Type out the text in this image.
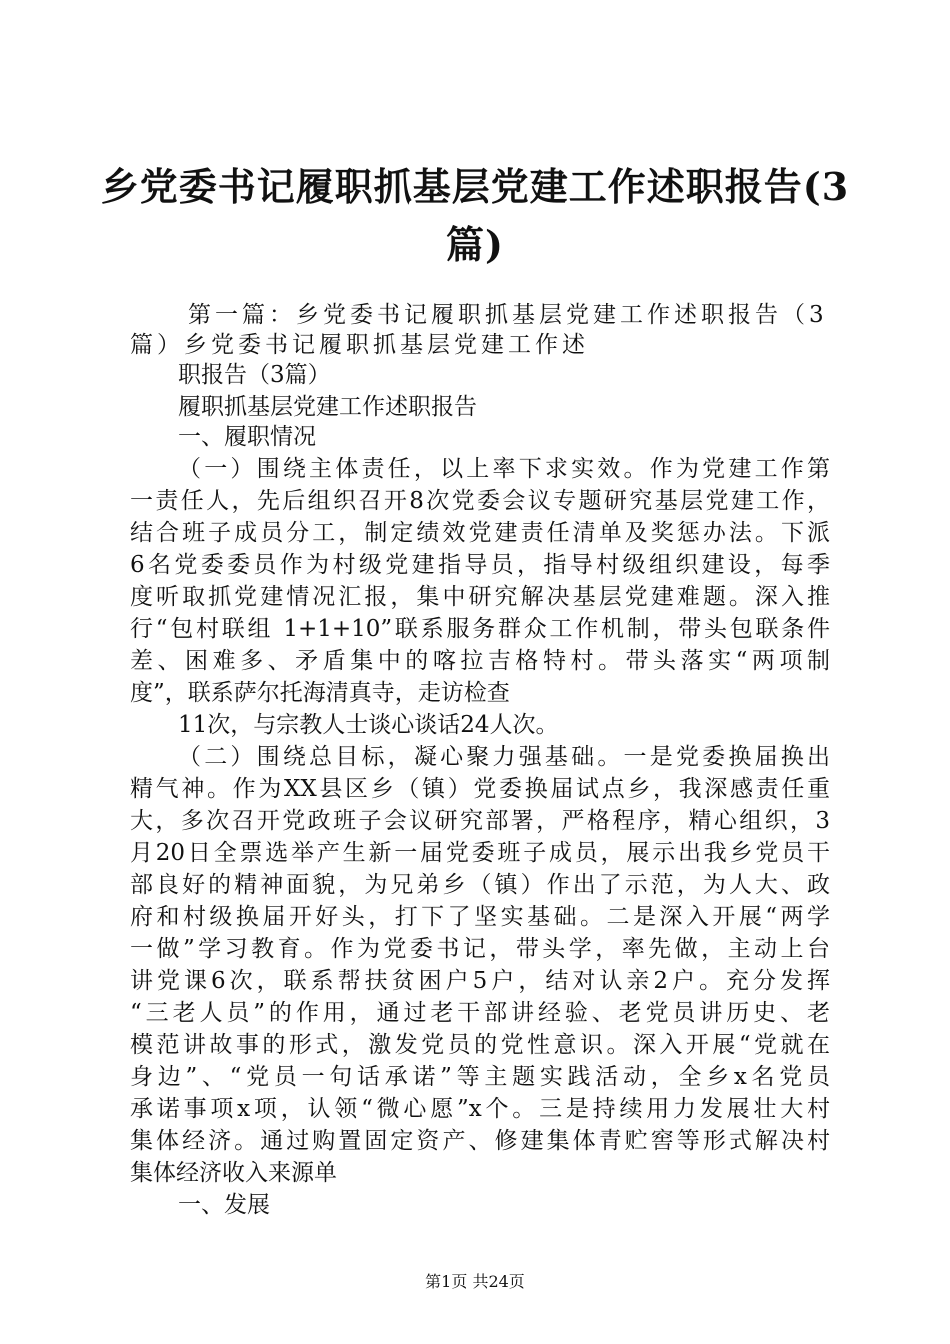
乡党委书记履职抓基层党建工作述职报告(3
篇)
第一篇：乡党委书记履职抓基层党建工作述职报告（3
篇）乡党委书记履职抓基层党建工作述
职报告（3篇）
履职抓基层党建工作述职报告
一、履职情况
（一）围绕主体责任，以上率下求实效。作为党建工作第
一责任人，先后组织召开8次党委会议专题研究基层党建工作，
结合班子成员分工，制定绩效党建责任清单及奖惩办法。下派
6名党委委员作为村级党建指导员，指导村级组织建设，每季
度听取抓党建情况汇报，集中研究解决基层党建难题。深入推
行“包村联组 1+1+10”联系服务群众工作机制，带头包联条件
差、困难多、矛盾集中的喀拉吉格特村。带头落实“两项制
度”，联系萨尔托海清真寺，走访检查
11次，与宗教人士谈心谈话24人次。
（二）围绕总目标，凝心聚力强基础。一是党委换届换出
精气神。作为XX县区乡（镇）党委换届试点乡，我深感责任重
大，多次召开党政班子会议研究部署，严格程序，精心组织，3
月20日全票选举产生新一届党委班子成员，展示出我乡党员干
部良好的精神面貌，为兄弟乡（镇）作出了示范，为人大、政
府和村级换届开好头，打下了坚实基础。二是深入开展“两学
一做”学习教育。作为党委书记，带头学，率先做，主动上台
讲党课6次，联系帮扶贫困户5户，结对认亲2户。充分发挥
“三老人员”的作用，通过老干部讲经验、老党员讲历史、老
模范讲故事的形式，激发党员的党性意识。深入开展“党就在
身边”、“党员一句话承诺”等主题实践活动，全乡x名党员
承诺事项x项，认领“微心愿”x个。三是持续用力发展壮大村
集体经济。通过购置固定资产、修建集体青贮窖等形式解决村
集体经济收入来源单
一、发展
第1页 共24页
